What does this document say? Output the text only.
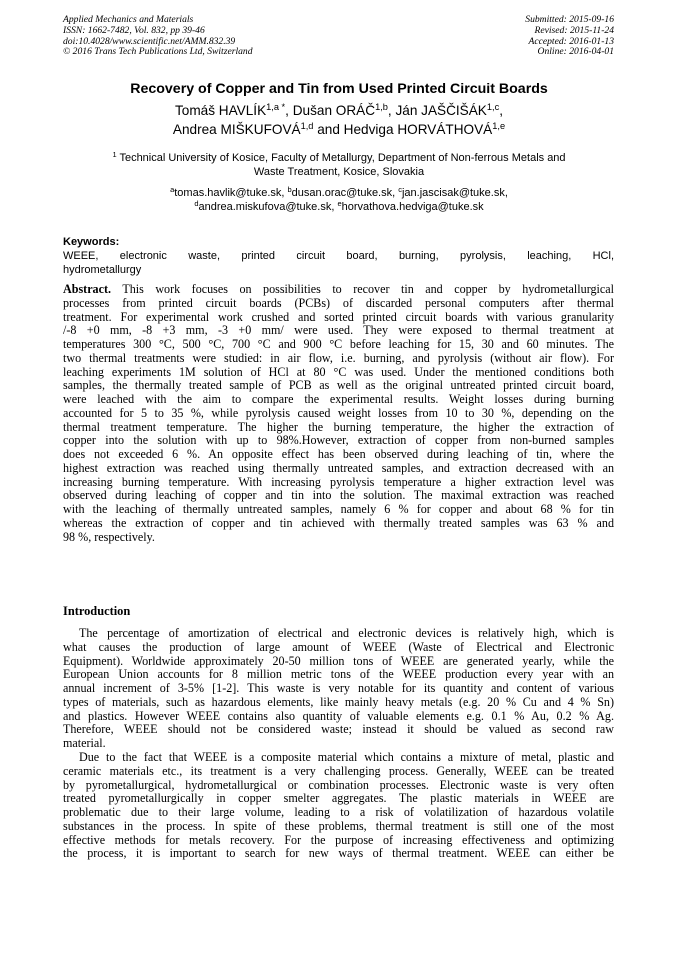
Applied Mechanics and Materials
ISSN: 1662-7482, Vol. 832, pp 39-46
doi:10.4028/www.scientific.net/AMM.832.39
© 2016 Trans Tech Publications Ltd, Switzerland
Submitted: 2015-09-16
Revised: 2015-11-24
Accepted: 2016-01-13
Online: 2016-04-01
Recovery of Copper and Tin from Used Printed Circuit Boards
Tomáš $HAVLÍK^{1,a *}$, Dušan ORÁČ$^{1,b}$, Ján JAŠČIŠÁK$^{1,c}$,
Andrea MIŠKUFOVÁ$^{1,d}$ and Hedviga HORVÁTHOVÁ$^{1,e}$
$^1$ Technical University of Kosice, Faculty of Metallurgy, Department of Non-ferrous Metals and
Waste Treatment, Kosice, Slovakia
$^a$tomas.havlik@tuke.sk, $^b$dusan.orac@tuke.sk, $^c$jan.jascisak@tuke.sk,
$^d$andrea.miskufova@tuke.sk, $^e$horvathova.hedviga@tuke.sk
Keywords:
WEEE, electronic waste, printed circuit board, burning, pyrolysis, leaching, HCl,
hydrometallurgy
Abstract. This work focuses on possibilities to recover tin and copper by hydrometallurgical
processes from printed circuit boards (PCBs) of discarded personal computers after thermal
treatment. For experimental work crushed and sorted printed circuit boards with various granularity
/-8 +0 mm, -8 +3 mm, -3 +0 mm/ were used. They were exposed to thermal treatment at
temperatures 300 °C, 500 °C, 700 °C and 900 °C before leaching for 15, 30 and 60 minutes. The
two thermal treatments were studied: in air flow, i.e. burning, and pyrolysis (without air flow). For
leaching experiments 1M solution of HCl at 80 °C was used. Under the mentioned conditions both
samples, the thermally treated sample of PCB as well as the original untreated printed circuit board,
were leached with the aim to compare the experimental results. Weight losses during burning
accounted for 5 to 35 %, while pyrolysis caused weight losses from 10 to 30 %, depending on the
thermal treatment temperature. The higher the burning temperature, the higher the extraction of
copper into the solution with up to 98%.However, extraction of copper from non-burned samples
does not exceeded 6 %. An opposite effect has been observed during leaching of tin, where the
highest extraction was reached using thermally untreated samples, and extraction decreased with an
increasing burning temperature. With increasing pyrolysis temperature a higher extraction level was
observed during leaching of copper and tin into the solution. The maximal extraction was reached
with the leaching of thermally untreated samples, namely 6 % for copper and about 68 % for tin
whereas the extraction of copper and tin achieved with thermally treated samples was 63 % and
98 %, respectively.
Introduction
The percentage of amortization of electrical and electronic devices is relatively high, which is
what causes the production of large amount of WEEE (Waste of Electrical and Electronic
Equipment). Worldwide approximately 20-50 million tons of WEEE are generated yearly, while the
European Union accounts for 8 million metric tons of the WEEE production every year with an
annual increment of 3-5% [1-2]. This waste is very notable for its quantity and content of various
types of materials, such as hazardous elements, like mainly heavy metals (e.g. 20 % Cu and 4 % Sn)
and plastics. However WEEE contains also quantity of valuable elements e.g. 0.1 % Au, 0.2 % Ag.
Therefore, WEEE should not be considered waste; instead it should be valued as second raw
material.
Due to the fact that WEEE is a composite material which contains a mixture of metal, plastic and
ceramic materials etc., its treatment is a very challenging process. Generally, WEEE can be treated
by pyrometallurgical, hydrometallurgical or combination processes. Electronic waste is very often
treated pyrometallurgically in copper smelter aggregates. The plastic materials in WEEE are
problematic due to their large volume, leading to a risk of volatilization of hazardous volatile
substances in the process. In spite of these problems, thermal treatment is still one of the most
effective methods for metals recovery. For the purpose of increasing effectiveness and optimizing
the process, it is important to search for new ways of thermal treatment. WEEE can either be
